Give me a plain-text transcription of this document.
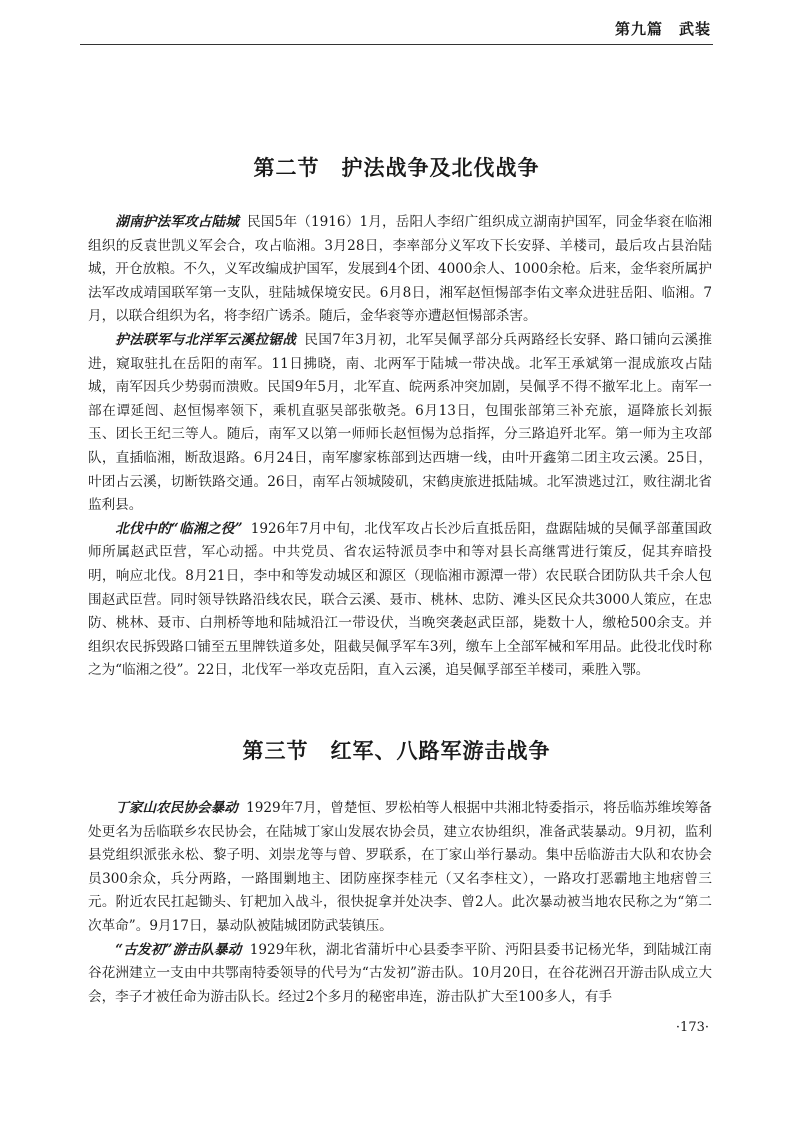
第九篇　武装
第二节　护法战争及北伐战争

湖南护法军攻占陆城 民国5年（1916）1月，岳阳人李绍广组织成立湖南护国军，同金华衮在临湘组织的反袁世凯义军会合，攻占临湘。3月28日，李率部分义军攻下长安驿、羊楼司，最后攻占县治陆城，开仓放粮。不久，义军改编成护国军，发展到4个团、4000余人、1000余枪。后来，金华衮所属护法军改成靖国联军第一支队，驻陆城保境安民。6月8日，湘军赵恒惕部李佑文率众进驻岳阳、临湘。7月，以联合组织为名，将李绍广诱杀。随后，金华衮等亦遭赵恒惕部杀害。

护法联军与北洋军云溪拉锯战 民国7年3月初，北军吴佩孚部分兵两路经长安驿、路口铺向云溪推进，窥取驻扎在岳阳的南军。11日拂晓，南、北两军于陆城一带决战。北军王承斌第一混成旅攻占陆城，南军因兵少势弱而溃败。民国9年5月，北军直、皖两系冲突加剧，吴佩孚不得不撤军北上。南军一部在谭延闿、赵恒惕率领下，乘机直驱吴部张敬尧。6月13日，包围张部第三补充旅，逼降旅长刘振玉、团长王纪三等人。随后，南军又以第一师师长赵恒惕为总指挥，分三路追歼北军。第一师为主攻部队，直插临湘，断敌退路。6月24日，南军廖家栋部到达西塘一线，由叶开鑫第二团主攻云溪。25日，叶团占云溪，切断铁路交通。26日，南军占领城陵矶，宋鹤庚旅进抵陆城。北军溃逃过江，败往湖北省监利县。

北伐中的“临湘之役” 1926年7月中旬，北伐军攻占长沙后直抵岳阳，盘踞陆城的吴佩孚部董国政师所属赵武臣营，军心动摇。中共党员、省农运特派员李中和等对县长高继霄进行策反，促其弃暗投明，响应北伐。8月21日，李中和等发动城区和源区（现临湘市源潭一带）农民联合团防队共千余人包围赵武臣营。同时领导铁路沿线农民，联合云溪、聂市、桃林、忠防、滩头区民众共3000人策应，在忠防、桃林、聂市、白荆桥等地和陆城沿江一带设伏，当晚突袭赵武臣部，毙数十人，缴枪500余支。并组织农民拆毁路口铺至五里牌铁道多处，阻截吴佩孚军车3列，缴车上全部军械和军用品。此役北伐时称之为“临湘之役”。22日，北伐军一举攻克岳阳，直入云溪，追吴佩孚部至羊楼司，乘胜入鄂。

第三节　红军、八路军游击战争

丁家山农民协会暴动 1929年7月，曾楚恒、罗松柏等人根据中共湘北特委指示，将岳临苏维埃筹备处更名为岳临联乡农民协会，在陆城丁家山发展农协会员，建立农协组织，准备武装暴动。9月初，监利县党组织派张永松、黎子明、刘崇龙等与曾、罗联系，在丁家山举行暴动。集中岳临游击大队和农协会员300余众，兵分两路，一路围剿地主、团防座探李桂元（又名李柱文），一路攻打恶霸地主地痞曾三元。附近农民扛起锄头、钉耙加入战斗，很快捉拿并处决李、曾2人。此次暴动被当地农民称之为“第二次革命”。9月17日，暴动队被陆城团防武装镇压。

“古发初”游击队暴动 1929年秋，湖北省蒲圻中心县委李平阶、沔阳县委书记杨光华，到陆城江南谷花洲建立一支由中共鄂南特委领导的代号为“古发初”游击队。10月20日，在谷花洲召开游击队成立大会，李子才被任命为游击队长。经过2个多月的秘密串连，游击队扩大至100多人，有手

·173·
